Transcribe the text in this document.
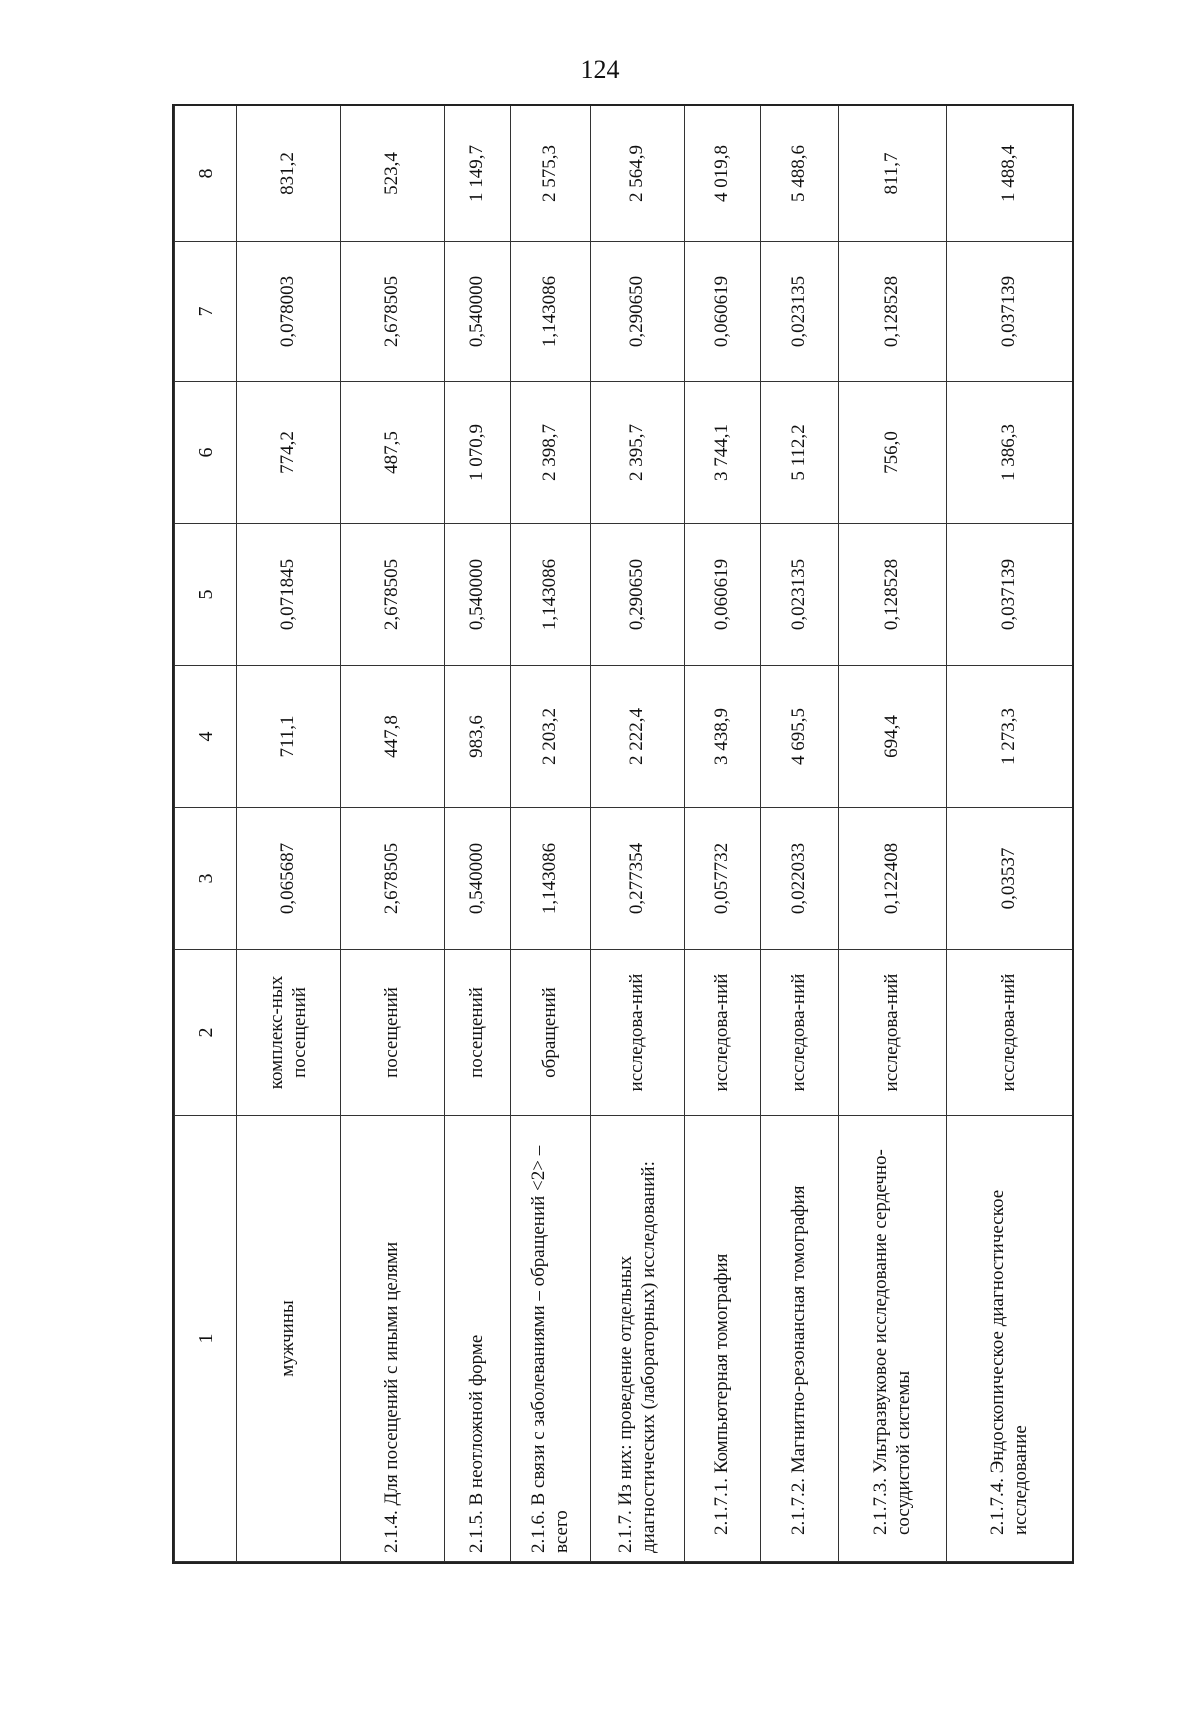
124
1	2	3	4	5	6	7	8
мужчины	комплекс-ных посещений	0,065687	711,1	0,071845	774,2	0,078003	831,2
2.1.4. Для посещений с иными целями	посещений	2,678505	447,8	2,678505	487,5	2,678505	523,4
2.1.5. В неотложной форме	посещений	0,540000	983,6	0,540000	1 070,9	0,540000	1 149,7
2.1.6. В связи с заболеваниями – обращений <2> – всего	обращений	1,143086	2 203,2	1,143086	2 398,7	1,143086	2 575,3
2.1.7. Из них: проведение отдельных диагностических (лабораторных) исследований:	исследова-ний	0,277354	2 222,4	0,290650	2 395,7	0,290650	2 564,9
2.1.7.1. Компьютерная томография	исследова-ний	0,057732	3 438,9	0,060619	3 744,1	0,060619	4 019,8
2.1.7.2. Магнитно-резонансная томография	исследова-ний	0,022033	4 695,5	0,023135	5 112,2	0,023135	5 488,6
2.1.7.3. Ультразвуковое исследование сердечно-сосудистой системы	исследова-ний	0,122408	694,4	0,128528	756,0	0,128528	811,7
2.1.7.4. Эндоскопическое диагностическое исследование	исследова-ний	0,03537	1 273,3	0,037139	1 386,3	0,037139	1 488,4
